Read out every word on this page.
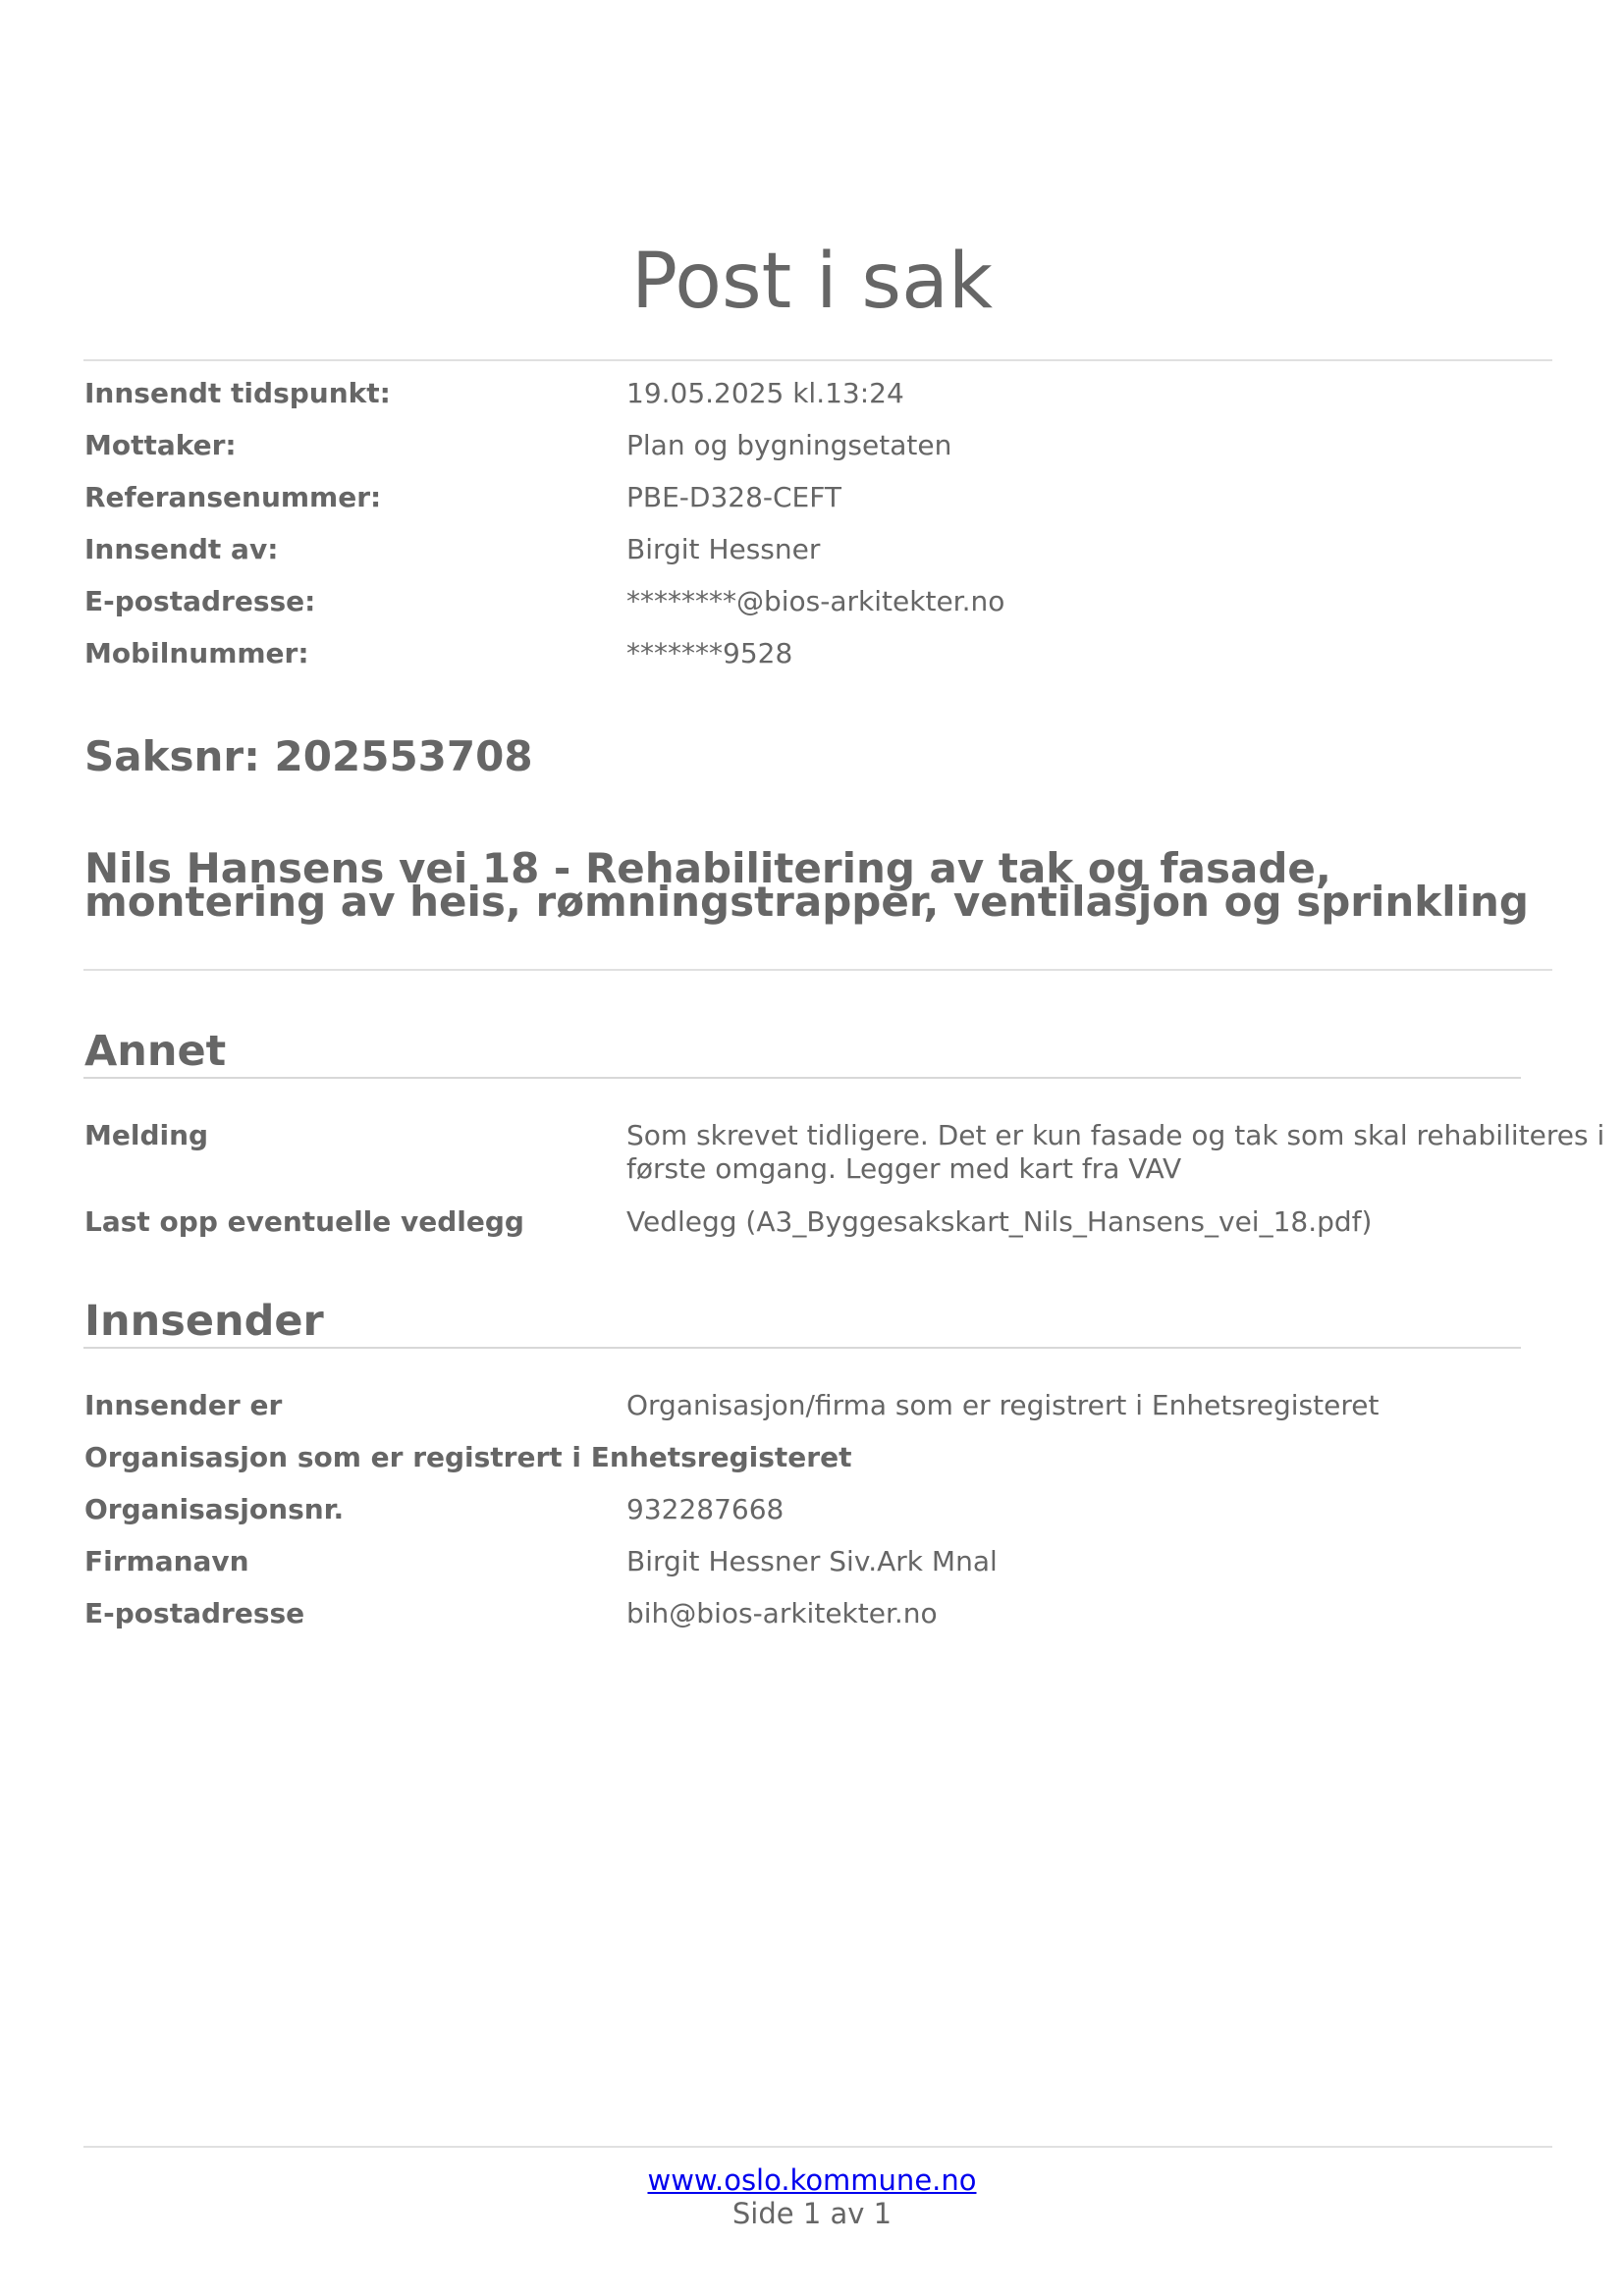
Post i sak
Innsendt tidspunkt:	19.05.2025 kl.13:24
Mottaker:	Plan og bygningsetaten
Referansenummer:	PBE-D328-CEFT
Innsendt av:	Birgit Hessner
E-postadresse:	********@bios-arkitekter.no
Mobilnummer:	*******9528
Saksnr: 202553708
Nils Hansens vei 18 - Rehabilitering av tak og fasade, montering av heis, rømningstrapper, ventilasjon og sprinkling
Annet
Melding	Som skrevet tidligere. Det er kun fasade og tak som skal rehabiliteres i første omgang. Legger med kart fra VAV
Last opp eventuelle vedlegg	Vedlegg (A3_Byggesakskart_Nils_Hansens_vei_18.pdf)
Innsender
Innsender er	Organisasjon/firma som er registrert i Enhetsregisteret
Organisasjon som er registrert i Enhetsregisteret
Organisasjonsnr.	932287668
Firmanavn	Birgit Hessner Siv.Ark Mnal
E-postadresse	bih@bios-arkitekter.no
www.oslo.kommune.no
Side 1 av 1
